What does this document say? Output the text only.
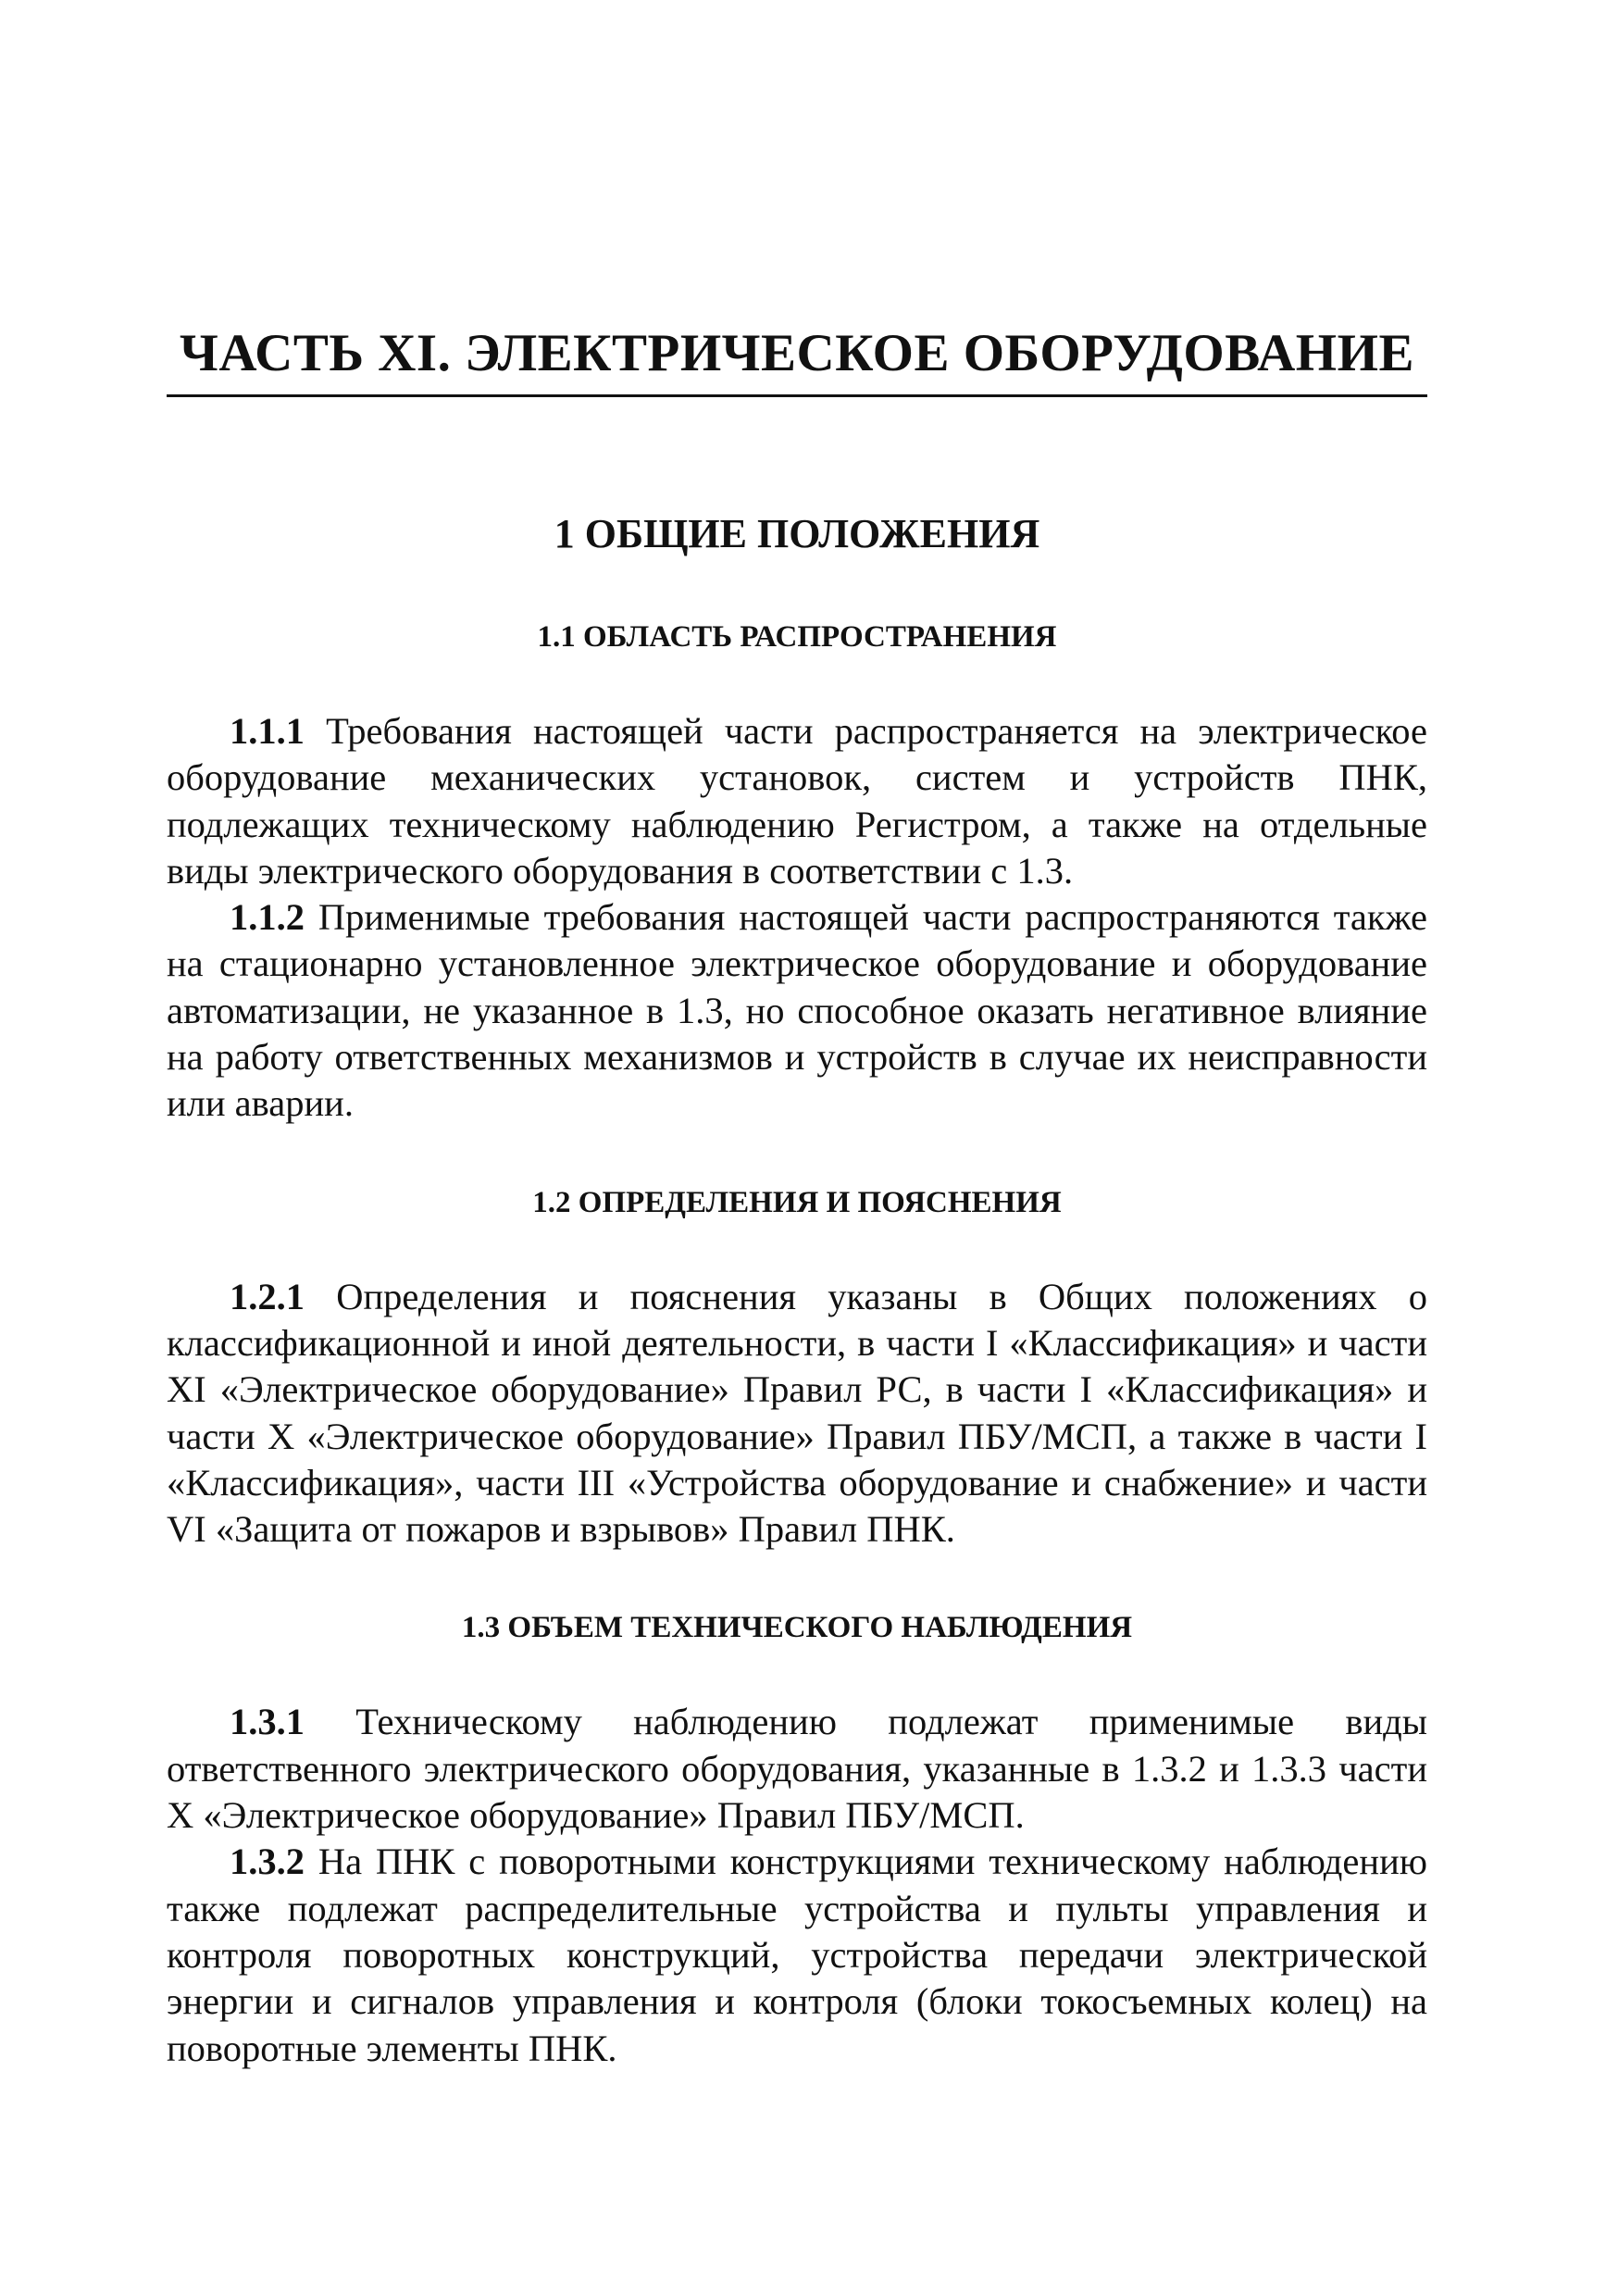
ЧАСТЬ XI. ЭЛЕКТРИЧЕСКОЕ ОБОРУДОВАНИЕ
1 ОБЩИЕ ПОЛОЖЕНИЯ
1.1 ОБЛАСТЬ РАСПРОСТРАНЕНИЯ

1.1.1 Требования настоящей части распространяется на электрическое оборудование механических установок, систем и устройств ПНК, подлежащих техническому наблюдению Регистром, а также на отдельные виды электрического оборудования в соответствии с 1.3.

1.1.2 Применимые требования настоящей части распространяются также на стационарно установленное электрическое оборудование и оборудование автоматизации, не указанное в 1.3, но способное оказать негативное влияние на работу ответственных механизмов и устройств в случае их неисправности или аварии.

1.2 ОПРЕДЕЛЕНИЯ И ПОЯСНЕНИЯ

1.2.1 Определения и пояснения указаны в Общих положениях о классификационной и иной деятельности, в части I «Классификация» и части XI «Электрическое оборудование» Правил РС, в части I «Классификация» и части X «Электрическое оборудование» Правил ПБУ/МСП, а также в части I «Классификация», части III «Устройства оборудование и снабжение» и части VI «Защита от пожаров и взрывов» Правил ПНК.

1.3 ОБЪЕМ ТЕХНИЧЕСКОГО НАБЛЮДЕНИЯ

1.3.1 Техническому наблюдению подлежат применимые виды ответственного электрического оборудования, указанные в 1.3.2 и 1.3.3 части X «Электрическое оборудование» Правил ПБУ/МСП.

1.3.2 На ПНК с поворотными конструкциями техническому наблюдению также подлежат распределительные устройства и пульты управления и контроля поворотных конструкций, устройства передачи электрической энергии и сигналов управления и контроля (блоки токосъемных колец) на поворотные элементы ПНК.
